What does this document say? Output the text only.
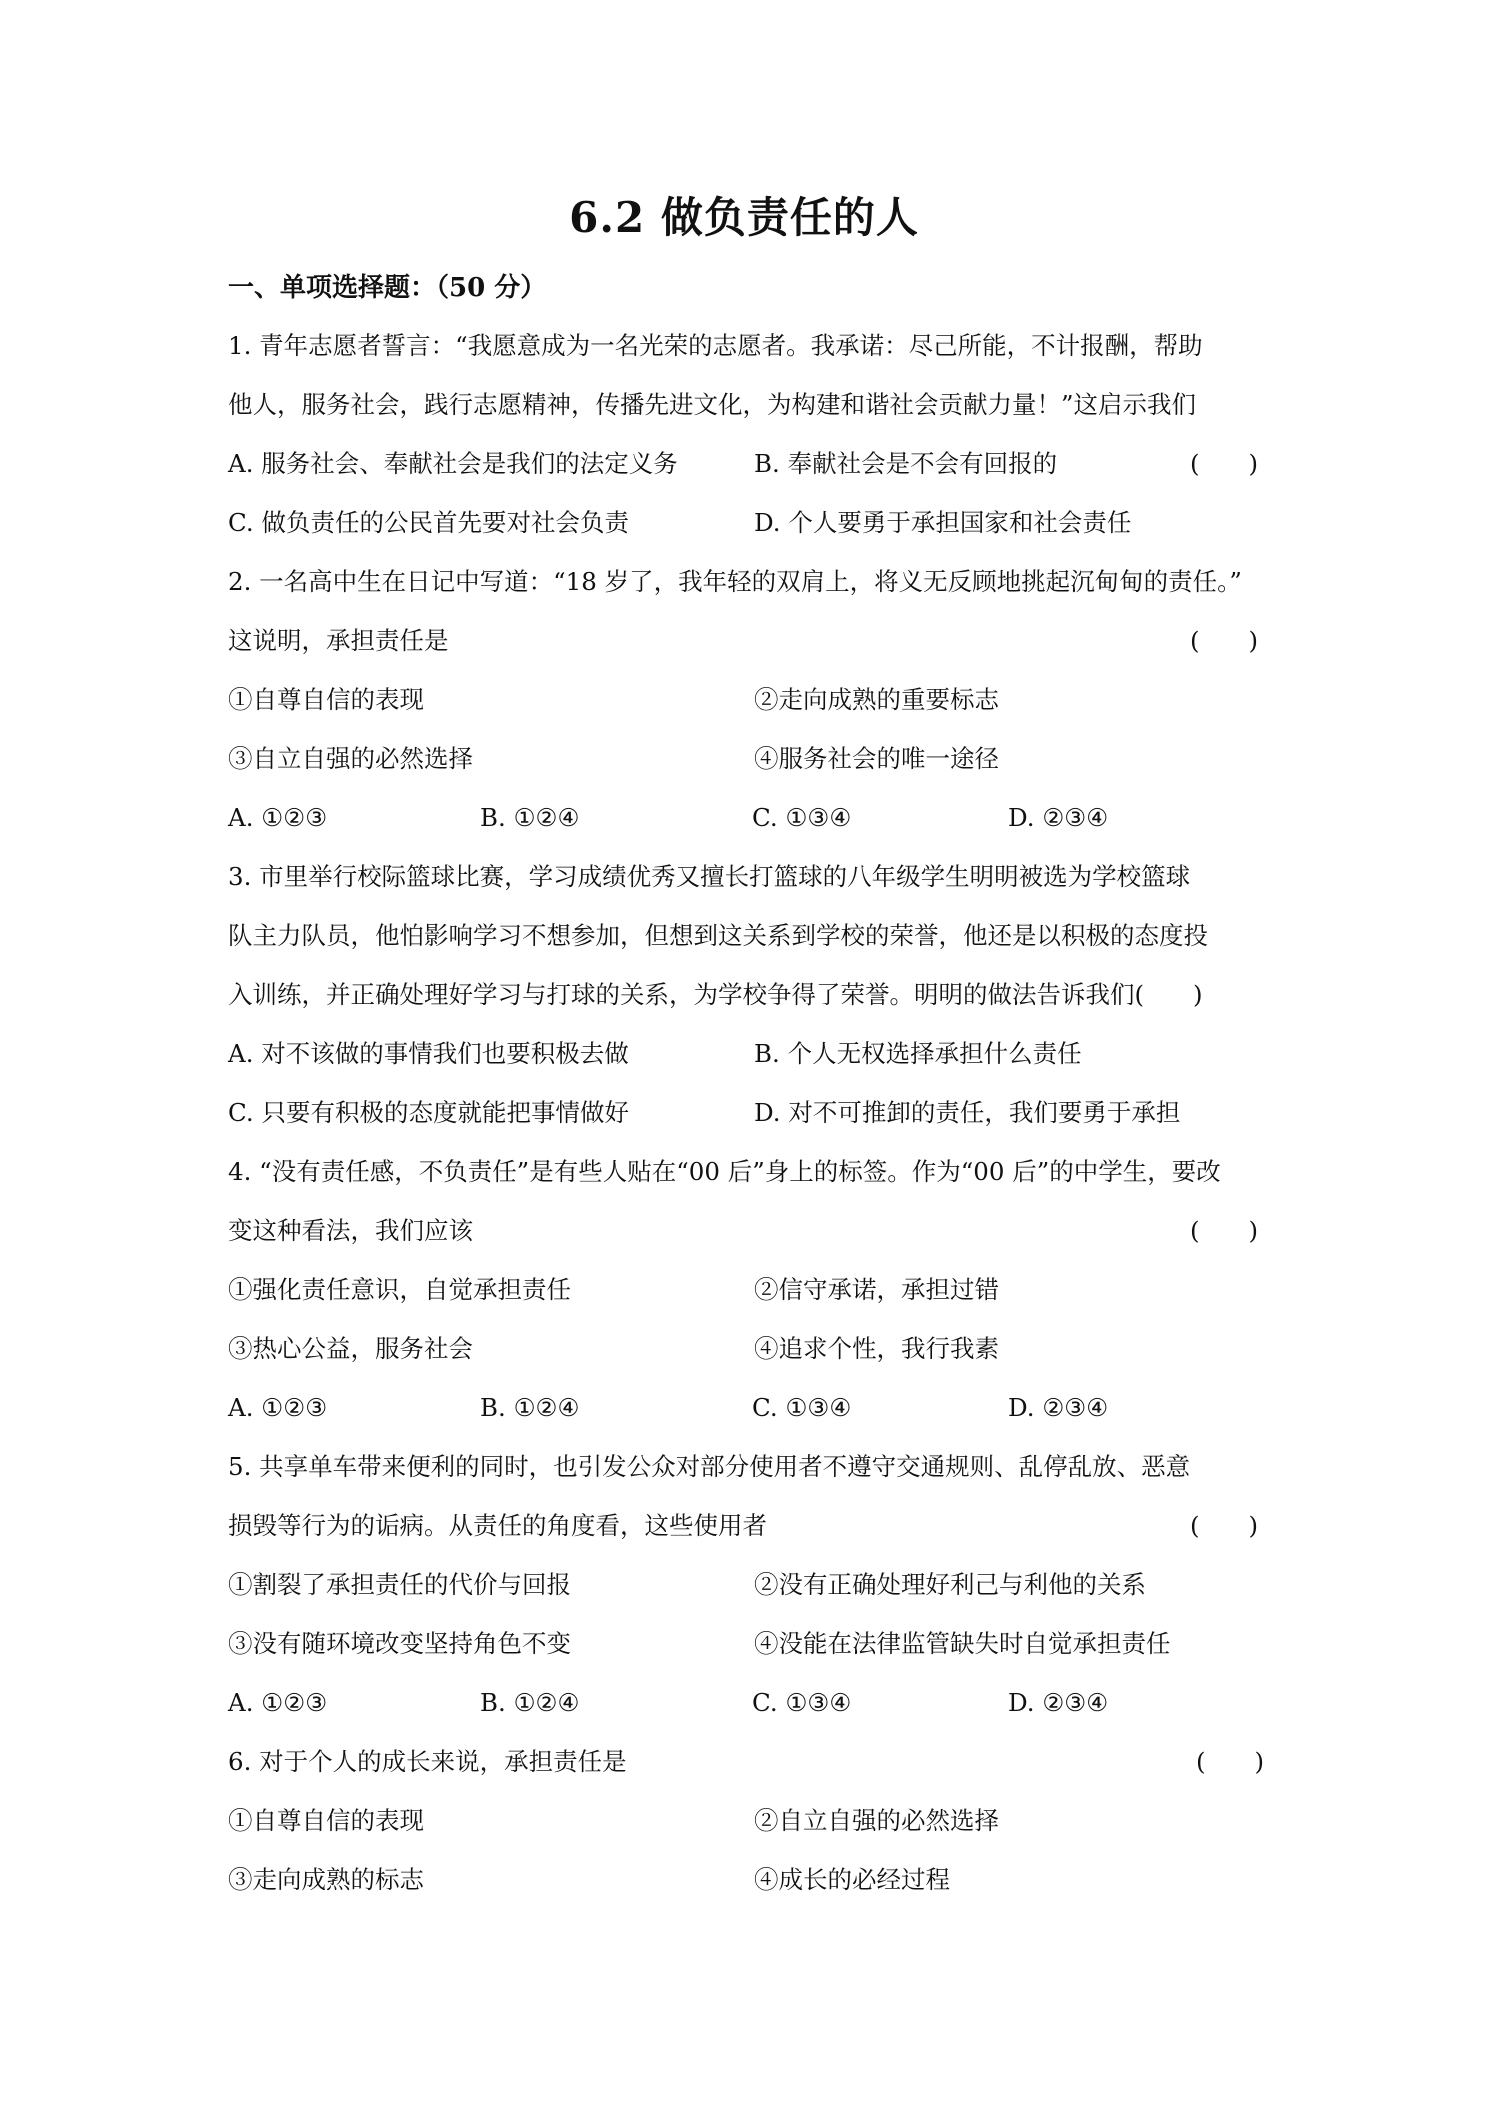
6.2 做负责任的人
一、单项选择题：（50 分）
1. 青年志愿者誓言：“我愿意成为一名光荣的志愿者。我承诺：尽己所能，不计报酬，帮助
他人，服务社会，践行志愿精神，传播先进文化，为构建和谐社会贡献力量！”这启示我们
A. 服务社会、奉献社会是我们的法定义务	B. 奉献社会是不会有回报的	(　　)
C. 做负责任的公民首先要对社会负责	D. 个人要勇于承担国家和社会责任
2. 一名高中生在日记中写道：“18 岁了，我年轻的双肩上，将义无反顾地挑起沉甸甸的责任。”
这说明，承担责任是	(　　)
①自尊自信的表现	②走向成熟的重要标志
③自立自强的必然选择	④服务社会的唯一途径
A. ①②③	B. ①②④	C. ①③④	D. ②③④
3. 市里举行校际篮球比赛，学习成绩优秀又擅长打篮球的八年级学生明明被选为学校篮球
队主力队员，他怕影响学习不想参加，但想到这关系到学校的荣誉，他还是以积极的态度投
入训练，并正确处理好学习与打球的关系，为学校争得了荣誉。明明的做法告诉我们(　　)
A. 对不该做的事情我们也要积极去做	B. 个人无权选择承担什么责任
C. 只要有积极的态度就能把事情做好	D. 对不可推卸的责任，我们要勇于承担
4. “没有责任感，不负责任”是有些人贴在“00 后”身上的标签。作为“00 后”的中学生，要改
变这种看法，我们应该	(　　)
①强化责任意识，自觉承担责任	②信守承诺，承担过错
③热心公益，服务社会	④追求个性，我行我素
A. ①②③	B. ①②④	C. ①③④	D. ②③④
5. 共享单车带来便利的同时，也引发公众对部分使用者不遵守交通规则、乱停乱放、恶意
损毁等行为的诟病。从责任的角度看，这些使用者	(　　)
①割裂了承担责任的代价与回报	②没有正确处理好利己与利他的关系
③没有随环境改变坚持角色不变	④没能在法律监管缺失时自觉承担责任
A. ①②③	B. ①②④	C. ①③④	D. ②③④
6. 对于个人的成长来说，承担责任是	(　　)
①自尊自信的表现	②自立自强的必然选择
③走向成熟的标志	④成长的必经过程
